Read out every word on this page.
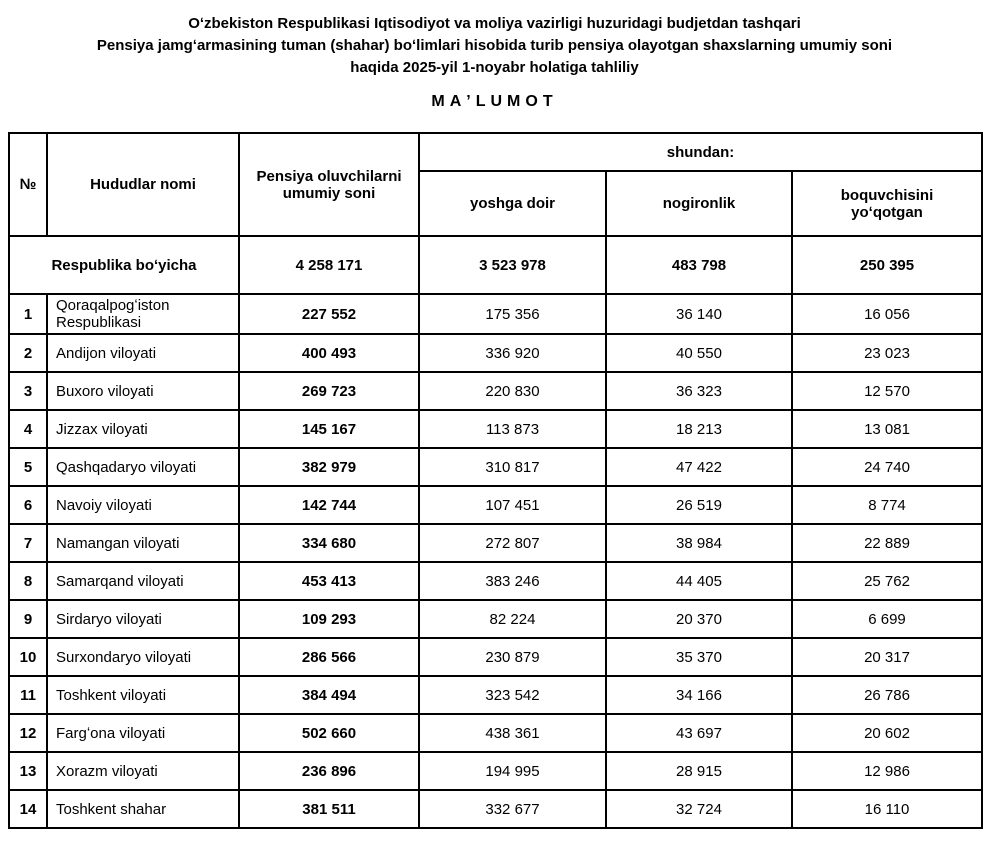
Oʻzbekiston Respublikasi Iqtisodiyot va moliya vazirligi huzuridagi budjetdan tashqari
Pensiya jamgʻarmasining tuman (shahar) boʻlimlari hisobida turib pensiya olayotgan shaxslarning umumiy soni
haqida 2025-yil 1-noyabr holatiga tahliliy
MAʼLUMOT
№	Hududlar nomi	Pensiya oluvchilarni umumiy soni	shundan:		
			yoshga doir	nogironlik	boquvchisini yoʻqotgan
Respublika boʻyicha		4 258 171	3 523 978	483 798	250 395
1	Qoraqalpogʻiston Respublikasi	227 552	175 356	36 140	16 056
2	Andijon viloyati	400 493	336 920	40 550	23 023
3	Buxoro viloyati	269 723	220 830	36 323	12 570
4	Jizzax viloyati	145 167	113 873	18 213	13 081
5	Qashqadaryo viloyati	382 979	310 817	47 422	24 740
6	Navoiy viloyati	142 744	107 451	26 519	8 774
7	Namangan viloyati	334 680	272 807	38 984	22 889
8	Samarqand viloyati	453 413	383 246	44 405	25 762
9	Sirdaryo viloyati	109 293	82 224	20 370	6 699
10	Surxondaryo viloyati	286 566	230 879	35 370	20 317
11	Toshkent viloyati	384 494	323 542	34 166	26 786
12	Fargʻona viloyati	502 660	438 361	43 697	20 602
13	Xorazm viloyati	236 896	194 995	28 915	12 986
14	Toshkent shahar	381 511	332 677	32 724	16 110
